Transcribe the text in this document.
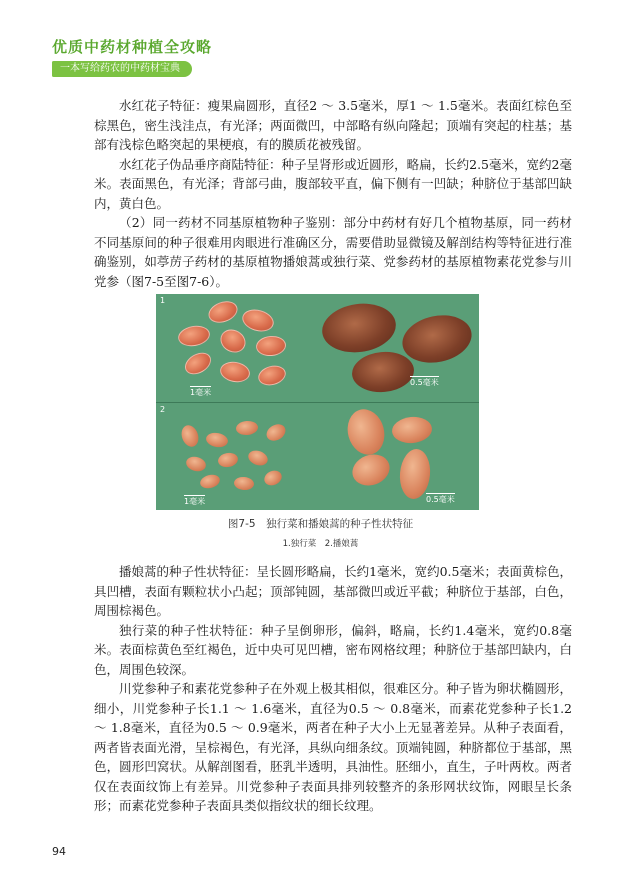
优质中药材种植全攻略
一本写给药农的中药材宝典

水红花子特征：瘦果扁圆形，直径2 ～ 3.5毫米，厚1 ～ 1.5毫米。表面红棕色至棕黑色，密生浅洼点，有光泽；两面微凹，中部略有纵向隆起；顶端有突起的柱基；基部有浅棕色略突起的果梗痕，有的膜质花被残留。

水红花子伪品垂序商陆特征：种子呈肾形或近圆形，略扁，长约2.5毫米，宽约2毫米。表面黑色，有光泽；背部弓曲，腹部较平直，偏下侧有一凹缺；种脐位于基部凹缺内，黄白色。

（2）同一药材不同基原植物种子鉴别：部分中药材有好几个植物基原，同一药材不同基原间的种子很难用肉眼进行准确区分，需要借助显微镜及解剖结构等特征进行准确鉴别，如葶苈子药材的基原植物播娘蒿或独行菜、党参药材的基原植物素花党参与川党参（图7-5至图7-6）。

1
1毫米
0.5毫米
2
1毫米	0.5毫米
图7-5　独行菜和播娘蒿的种子性状特征
1.独行菜　2.播娘蒿

播娘蒿的种子性状特征：呈长圆形略扁，长约1毫米，宽约0.5毫米；表面黄棕色，具凹槽，表面有颗粒状小凸起；顶部钝圆，基部微凹或近平截；种脐位于基部，白色，周围棕褐色。

独行菜的种子性状特征：种子呈倒卵形，偏斜，略扁，长约1.4毫米，宽约0.8毫米。表面棕黄色至红褐色，近中央可见凹槽，密布网格纹理；种脐位于基部凹缺内，白色，周围色较深。

川党参种子和素花党参种子在外观上极其相似，很难区分。种子皆为卵状椭圆形，细小，川党参种子长1.1 ～ 1.6毫米，直径为0.5 ～ 0.8毫米，而素花党参种子长1.2 ～ 1.8毫米，直径为0.5 ～ 0.9毫米，两者在种子大小上无显著差异。从种子表面看，两者皆表面光滑，呈棕褐色，有光泽，具纵向细条纹。顶端钝圆，种脐都位于基部，黑色，圆形凹窝状。从解剖图看，胚乳半透明，具油性。胚细小，直生，子叶两枚。两者仅在表面纹饰上有差异。川党参种子表面具排列较整齐的条形网状纹饰，网眼呈长条形；而素花党参种子表面具类似指纹状的细长纹理。

94
